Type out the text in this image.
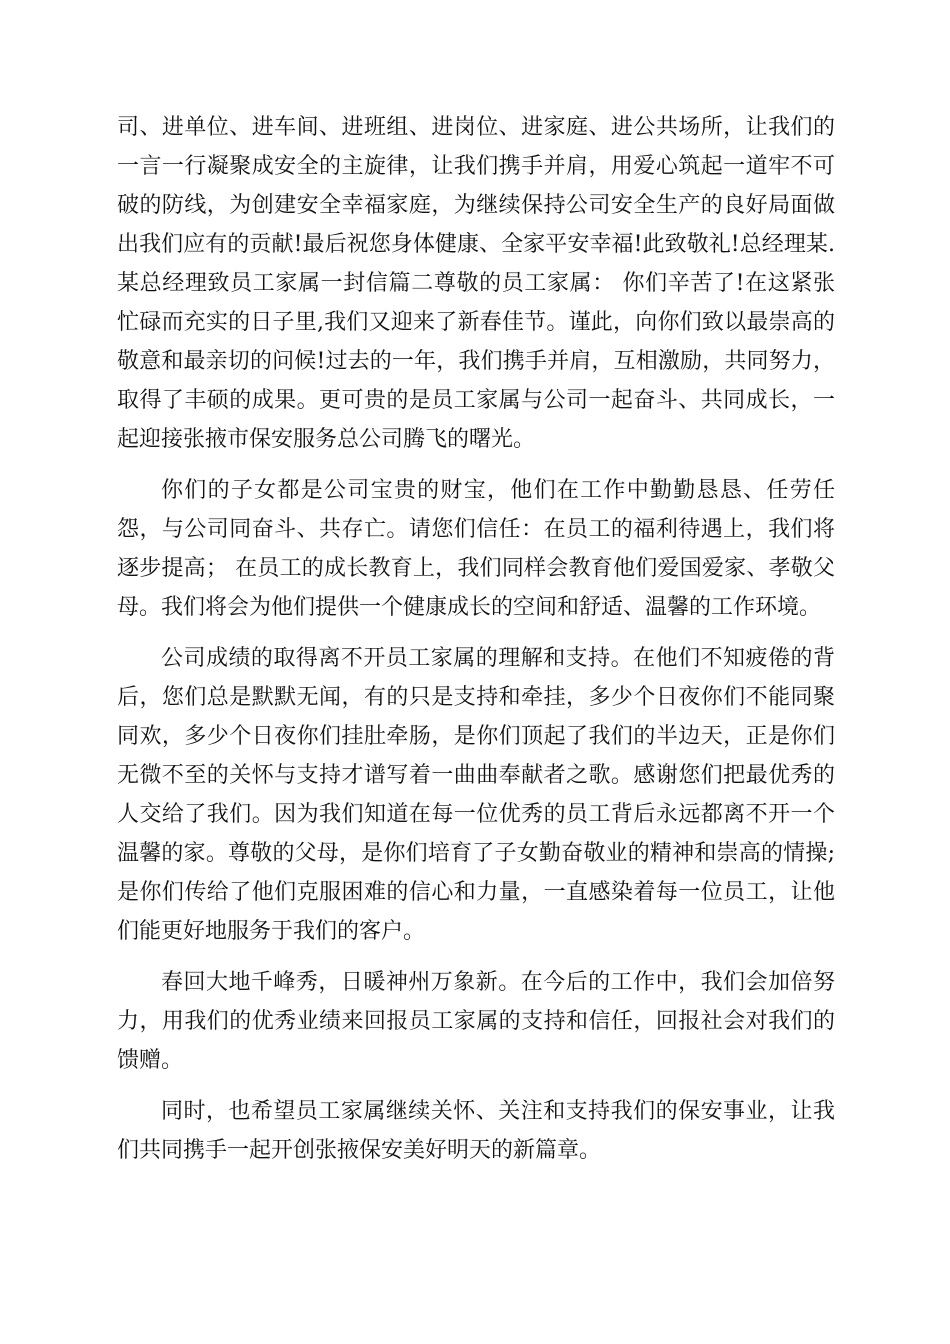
司、进单位、进车间、进班组、进岗位、进家庭、进公共场所，让我们的一言一行凝聚成安全的主旋律，让我们携手并肩，用爱心筑起一道牢不可破的防线，为创建安全幸福家庭，为继续保持公司安全生产的良好局面做出我们应有的贡献!最后祝您身体健康、全家平安幸福!此致敬礼!总经理某.某总经理致员工家属一封信篇二尊敬的员工家属： 你们辛苦了!在这紧张忙碌而充实的日子里,我们又迎来了新春佳节。谨此，向你们致以最崇高的敬意和最亲切的问候!过去的一年，我们携手并肩，互相激励，共同努力，取得了丰硕的成果。更可贵的是员工家属与公司一起奋斗、共同成长，一起迎接张掖市保安服务总公司腾飞的曙光。

你们的子女都是公司宝贵的财宝，他们在工作中勤勤恳恳、任劳任怨，与公司同奋斗、共存亡。请您们信任：在员工的福利待遇上，我们将逐步提高； 在员工的成长教育上，我们同样会教育他们爱国爱家、孝敬父母。我们将会为他们提供一个健康成长的空间和舒适、温馨的工作环境。

公司成绩的取得离不开员工家属的理解和支持。在他们不知疲倦的背后，您们总是默默无闻，有的只是支持和牵挂，多少个日夜你们不能同聚同欢，多少个日夜你们挂肚牵肠，是你们顶起了我们的半边天，正是你们无微不至的关怀与支持才谱写着一曲曲奉献者之歌。感谢您们把最优秀的人交给了我们。因为我们知道在每一位优秀的员工背后永远都离不开一个温馨的家。尊敬的父母，是你们培育了子女勤奋敬业的精神和崇高的情操;是你们传给了他们克服困难的信心和力量，一直感染着每一位员工，让他们能更好地服务于我们的客户。

春回大地千峰秀，日暖神州万象新。在今后的工作中，我们会加倍努力，用我们的优秀业绩来回报员工家属的支持和信任，回报社会对我们的馈赠。

同时，也希望员工家属继续关怀、关注和支持我们的保安事业，让我们共同携手一起开创张掖保安美好明天的新篇章。
